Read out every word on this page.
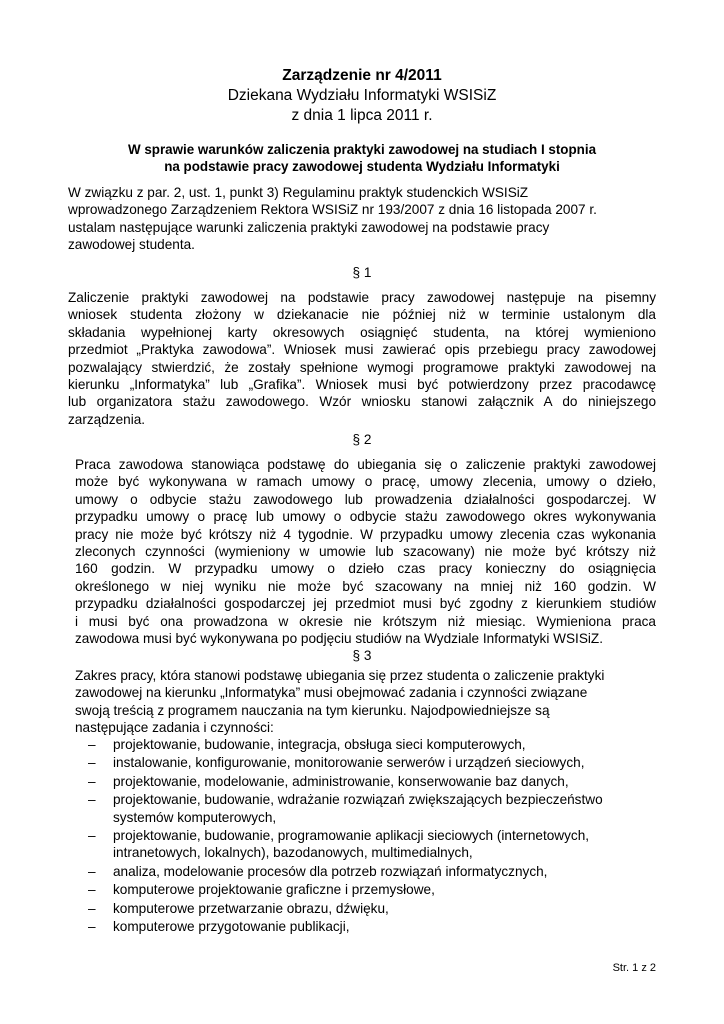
Zarządzenie nr 4/2011
Dziekana Wydziału Informatyki WSISiZ
z dnia 1 lipca 2011 r.
W sprawie warunków zaliczenia praktyki zawodowej na studiach I stopnia
na podstawie pracy zawodowej studenta Wydziału Informatyki
W związku z par. 2, ust. 1, punkt 3) Regulaminu praktyk studenckich WSISiZ
wprowadzonego Zarządzeniem Rektora WSISiZ nr 193/2007 z dnia 16 listopada 2007 r.
ustalam następujące warunki zaliczenia praktyki zawodowej na podstawie pracy
zawodowej studenta.
§ 1
Zaliczenie praktyki zawodowej na podstawie pracy zawodowej następuje na pisemny
wniosek studenta złożony w dziekanacie nie później niż w terminie ustalonym dla
składania wypełnionej karty okresowych osiągnięć studenta, na której wymieniono
przedmiot „Praktyka zawodowa”. Wniosek musi zawierać opis przebiegu pracy zawodowej
pozwalający stwierdzić, że zostały spełnione wymogi programowe praktyki zawodowej na
kierunku „Informatyka” lub „Grafika”. Wniosek musi być potwierdzony przez pracodawcę
lub organizatora stażu zawodowego. Wzór wniosku stanowi załącznik A do niniejszego
zarządzenia.
§ 2
Praca zawodowa stanowiąca podstawę do ubiegania się o zaliczenie praktyki zawodowej
może być wykonywana w ramach umowy o pracę, umowy zlecenia, umowy o dzieło,
umowy o odbycie stażu zawodowego lub prowadzenia działalności gospodarczej. W
przypadku umowy o pracę lub umowy o odbycie stażu zawodowego okres wykonywania
pracy nie może być krótszy niż 4 tygodnie. W przypadku umowy zlecenia czas wykonania
zleconych czynności (wymieniony w umowie lub szacowany) nie może być krótszy niż
160 godzin. W przypadku umowy o dzieło czas pracy konieczny do osiągnięcia
określonego w niej wyniku nie może być szacowany na mniej niż 160 godzin. W
przypadku działalności gospodarczej jej przedmiot musi być zgodny z kierunkiem studiów
i musi być ona prowadzona w okresie nie krótszym niż miesiąc. Wymieniona praca
zawodowa musi być wykonywana po podjęciu studiów na Wydziale Informatyki WSISiZ.
§ 3
Zakres pracy, która stanowi podstawę ubiegania się przez studenta o zaliczenie praktyki
zawodowej na kierunku „Informatyka” musi obejmować zadania i czynności związane
swoją treścią z programem nauczania na tym kierunku. Najodpowiedniejsze są
następujące zadania i czynności:
– projektowanie, budowanie, integracja, obsługa sieci komputerowych,
– instalowanie, konfigurowanie, monitorowanie serwerów i urządzeń sieciowych,
– projektowanie, modelowanie, administrowanie, konserwowanie baz danych,
– projektowanie, budowanie, wdrażanie rozwiązań zwiększających bezpieczeństwo systemów komputerowych,
– projektowanie, budowanie, programowanie aplikacji sieciowych (internetowych, intranetowych, lokalnych), bazodanowych, multimedialnych,
– analiza, modelowanie procesów dla potrzeb rozwiązań informatycznych,
– komputerowe projektowanie graficzne i przemysłowe,
– komputerowe przetwarzanie obrazu, dźwięku,
– komputerowe przygotowanie publikacji,
Str. 1 z 2
